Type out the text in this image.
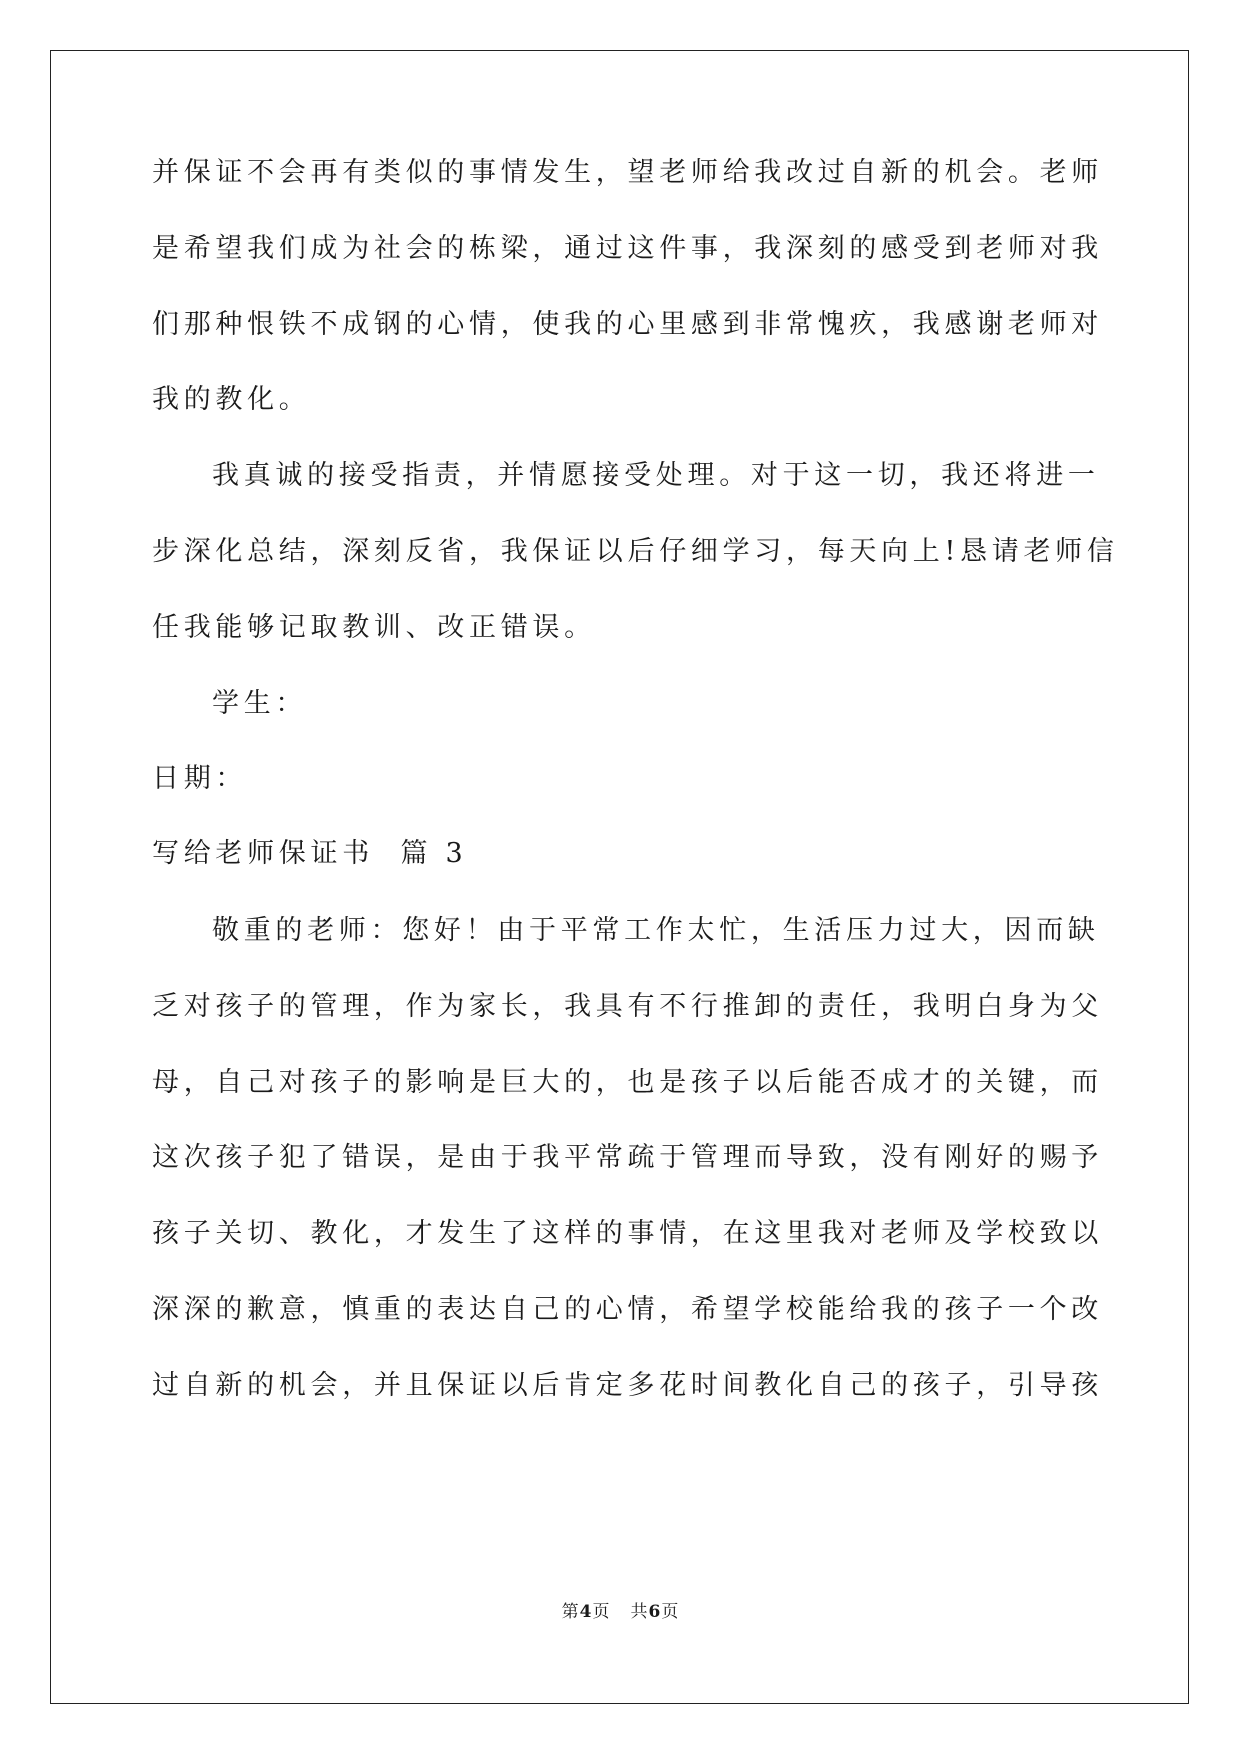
并保证不会再有类似的事情发生，望老师给我改过自新的机会。老师
是希望我们成为社会的栋梁，通过这件事，我深刻的感受到老师对我
们那种恨铁不成钢的心情，使我的心里感到非常愧疚，我感谢老师对
我的教化。
我真诚的接受指责，并情愿接受处理。对于这一切，我还将进一
步深化总结，深刻反省，我保证以后仔细学习，每天向上!恳请老师信
任我能够记取教训、改正错误。
学生：
日期：
写给老师保证书  篇 3
敬重的老师：您好！由于平常工作太忙，生活压力过大，因而缺
乏对孩子的管理，作为家长，我具有不行推卸的责任，我明白身为父
母，自己对孩子的影响是巨大的，也是孩子以后能否成才的关键，而
这次孩子犯了错误，是由于我平常疏于管理而导致，没有刚好的赐予
孩子关切、教化，才发生了这样的事情，在这里我对老师及学校致以
深深的歉意，慎重的表达自己的心情，希望学校能给我的孩子一个改
过自新的机会，并且保证以后肯定多花时间教化自己的孩子，引导孩
第4页 共6页
